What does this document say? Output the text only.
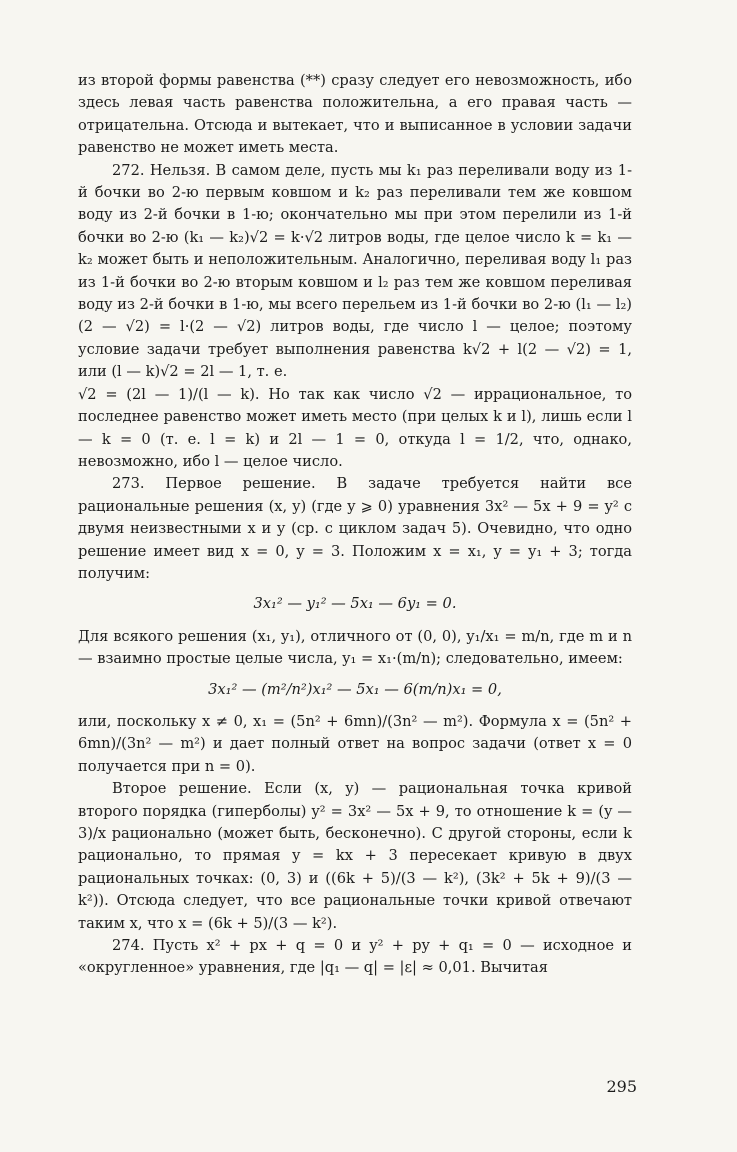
из второй формы равенства (**) сразу следует его невозможность, ибо здесь левая часть равенства положительна, а его правая часть — отрицательна. Отсюда и вытекает, что и выписанное в условии задачи равенство не может иметь места.

272. Нельзя. В самом деле, пусть мы k₁ раз переливали воду из 1-й бочки во 2-ю первым ковшом и k₂ раз переливали тем же ковшом воду из 2-й бочки в 1-ю; окончательно мы при этом перелили из 1-й бочки во 2-ю (k₁ — k₂)√2 = k·√2 литров воды, где целое число k = k₁ — k₂ может быть и неположительным. Аналогично, переливая воду l₁ раз из 1-й бочки во 2-ю вторым ковшом и l₂ раз тем же ковшом переливая воду из 2-й бочки в 1-ю, мы всего перельем из 1-й бочки во 2-ю (l₁ — l₂)(2 — √2) = l·(2 — √2) литров воды, где число l — целое; поэтому условие задачи требует выполнения равенства k√2 + l(2 — √2) = 1, или (l — k)√2 = 2l — 1, т. е.

√2 = (2l — 1)/(l — k). Но так как число √2 — иррациональное, то последнее равенство может иметь место (при целых k и l), лишь если l — k = 0 (т. е. l = k) и 2l — 1 = 0, откуда l = 1/2, что, однако, невозможно, ибо l — целое число.

273. Первое решение. В задаче требуется найти все рациональные решения (x, y) (где y ⩾ 0) уравнения 3x² — 5x + 9 = y² с двумя неизвестными x и y (ср. с циклом задач 5). Очевидно, что одно решение имеет вид x = 0, y = 3. Положим x = x₁, y = y₁ + 3; тогда получим:

3x₁² — y₁² — 5x₁ — 6y₁ = 0.

Для всякого решения (x₁, y₁), отличного от (0, 0), y₁/x₁ = m/n, где m и n — взаимно простые целые числа, y₁ = x₁·(m/n); следовательно, имеем:

3x₁² — (m²/n²)x₁² — 5x₁ — 6(m/n)x₁ = 0,

или, поскольку x ≠ 0, x₁ = (5n² + 6mn)/(3n² — m²). Формула x = (5n² + 6mn)/(3n² — m²) и дает полный ответ на вопрос задачи (ответ x = 0 получается при n = 0).

Второе решение. Если (x, y) — рациональная точка кривой второго порядка (гиперболы) y² = 3x² — 5x + 9, то отношение k = (y — 3)/x рационально (может быть, бесконечно). С другой стороны, если k рационально, то прямая y = kx + 3 пересекает кривую в двух рациональных точках: (0, 3) и ((6k + 5)/(3 — k²), (3k² + 5k + 9)/(3 — k²)). Отсюда следует, что все рациональные точки кривой отвечают таким x, что x = (6k + 5)/(3 — k²).

274. Пусть x² + px + q = 0 и y² + py + q₁ = 0 — исходное и «округленное» уравнения, где |q₁ — q| = |ε| ≈ 0,01. Вычитая

295
